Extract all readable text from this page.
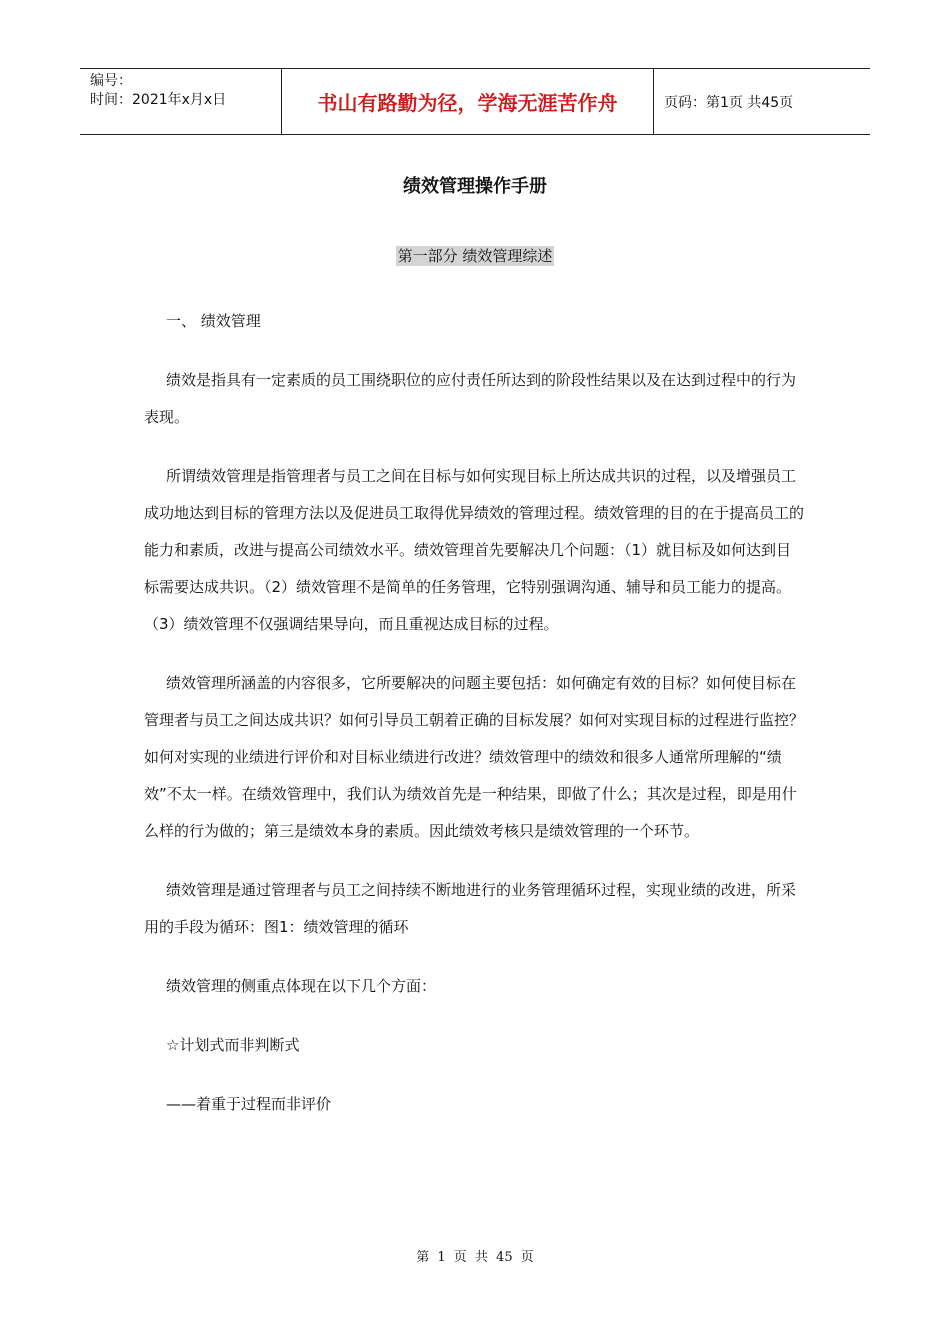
编号：
时间：2021年x月x日	书山有路勤为径，学海无涯苦作舟	页码：第1页 共45页
绩效管理操作手册
第一部分 绩效管理综述

一、 绩效管理

绩效是指具有一定素质的员工围绕职位的应付责任所达到的阶段性结果以及在达到过程中的行为表现。

所谓绩效管理是指管理者与员工之间在目标与如何实现目标上所达成共识的过程，以及增强员工成功地达到目标的管理方法以及促进员工取得优异绩效的管理过程。绩效管理的目的在于提高员工的能力和素质，改进与提高公司绩效水平。绩效管理首先要解决几个问题：（1）就目标及如何达到目标需要达成共识。（2）绩效管理不是简单的任务管理，它特别强调沟通、辅导和员工能力的提高。（3）绩效管理不仅强调结果导向，而且重视达成目标的过程。

绩效管理所涵盖的内容很多，它所要解决的问题主要包括：如何确定有效的目标？如何使目标在管理者与员工之间达成共识？如何引导员工朝着正确的目标发展？如何对实现目标的过程进行监控？如何对实现的业绩进行评价和对目标业绩进行改进？绩效管理中的绩效和很多人通常所理解的“绩效”不太一样。在绩效管理中，我们认为绩效首先是一种结果，即做了什么；其次是过程，即是用什么样的行为做的；第三是绩效本身的素质。因此绩效考核只是绩效管理的一个环节。

绩效管理是通过管理者与员工之间持续不断地进行的业务管理循环过程，实现业绩的改进，所采用的手段为循环：图1：绩效管理的循环

绩效管理的侧重点体现在以下几个方面：

☆计划式而非判断式

——着重于过程而非评价

第 1 页 共 45 页
